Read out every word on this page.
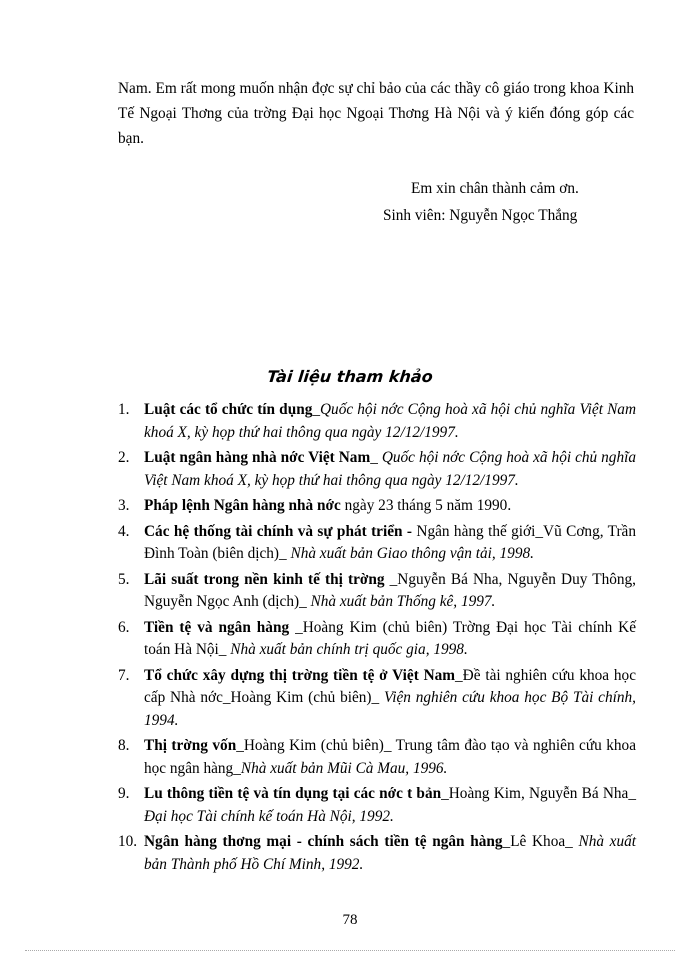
Nam. Em rất mong muốn nhận đợc sự chỉ bảo của các thầy cô giáo trong khoa Kinh Tế Ngoại Thơng của trờng Đại học Ngoại Thơng Hà Nội và ý kiến đóng góp các bạn.

Em xin chân thành cảm ơn.
Sinh viên: Nguyễn Ngọc Thắng
Tài liệu tham khảo
1. Luật các tổ chức tín dụng_Quốc hội nớc Cộng hoà xã hội chủ nghĩa Việt Nam khoá X, kỳ họp thứ hai thông qua ngày 12/12/1997.
2. Luật ngân hàng nhà nớc Việt Nam_ Quốc hội nớc Cộng hoà xã hội chủ nghĩa Việt Nam khoá X, kỳ họp thứ hai thông qua ngày 12/12/1997.
3. Pháp lệnh Ngân hàng nhà nớc ngày 23 tháng 5 năm 1990.
4. Các hệ thống tài chính và sự phát triển - Ngân hàng thế giới_Vũ Cơng, Trần Đình Toàn (biên dịch)_ Nhà xuất bản Giao thông vận tải, 1998.
5. Lãi suất trong nền kinh tế thị trờng _Nguyễn Bá Nha, Nguyễn Duy Thông, Nguyễn Ngọc Anh (dịch)_ Nhà xuất bản Thống kê, 1997.
6. Tiền tệ và ngân hàng _Hoàng Kim (chủ biên) Trờng Đại học Tài chính Kế toán Hà Nội_ Nhà xuất bản chính trị quốc gia, 1998.
7. Tổ chức xây dựng thị trờng tiền tệ ở Việt Nam_Đề tài nghiên cứu khoa học cấp Nhà nớc_Hoàng Kim (chủ biên)_ Viện nghiên cứu khoa học Bộ Tài chính, 1994.
8. Thị trờng vốn_Hoàng Kim (chủ biên)_ Trung tâm đào tạo và nghiên cứu khoa học ngân hàng_Nhà xuất bản Mũi Cà Mau, 1996.
9. Lu thông tiền tệ và tín dụng tại các nớc t bản_Hoàng Kim, Nguyễn Bá Nha_ Đại học Tài chính kế toán Hà Nội, 1992.
10. Ngân hàng thơng mại - chính sách tiền tệ ngân hàng_Lê Khoa_ Nhà xuất bản Thành phố Hồ Chí Minh, 1992.
78
